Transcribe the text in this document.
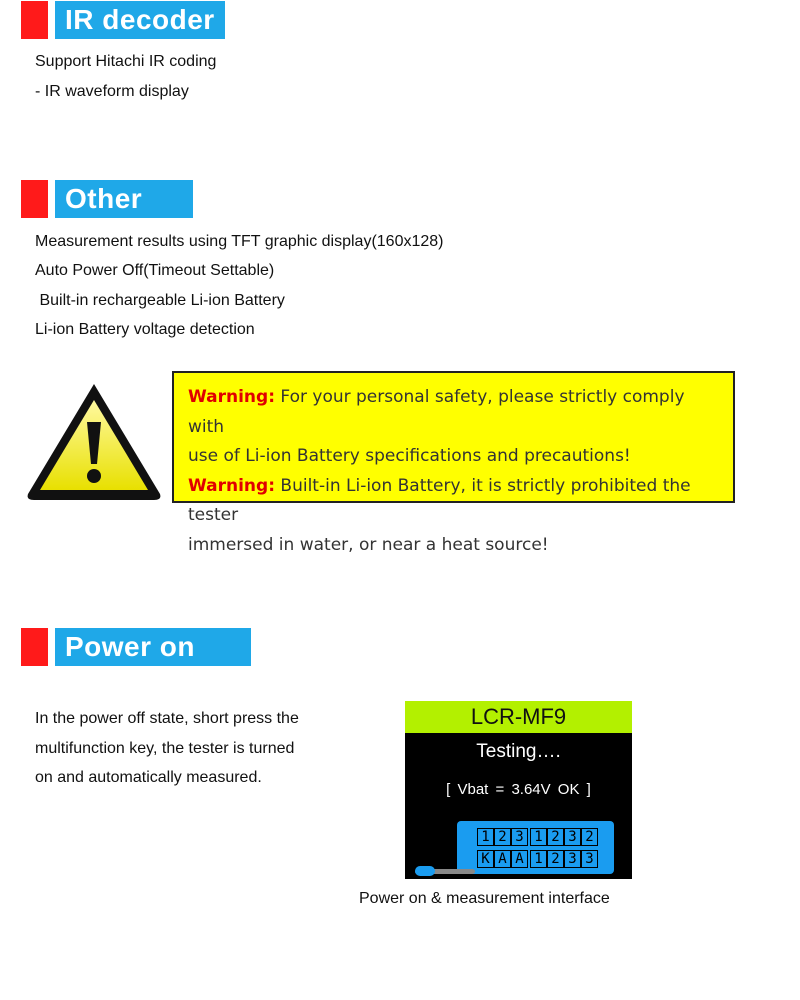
IR decoder
Support Hitachi IR coding
- IR waveform display
Other
Measurement results using TFT graphic display(160x128)
Auto Power Off(Timeout Settable)
Built-in rechargeable Li-ion Battery
Li-ion Battery voltage detection
Warning: For your personal safety, please strictly comply with
use of Li-ion Battery specifications and precautions!
Warning: Built-in Li-ion Battery, it is strictly prohibited the tester
immersed in water, or near a heat source!
Power on
In the power off state, short press the
multifunction key, the tester is turned
on and automatically measured.
LCR-MF9
Testing….
[ Vbat = 3.64V OK ]
1 2 3 1 2 3 2
K A A 1 2 3 3
Power on & measurement interface
